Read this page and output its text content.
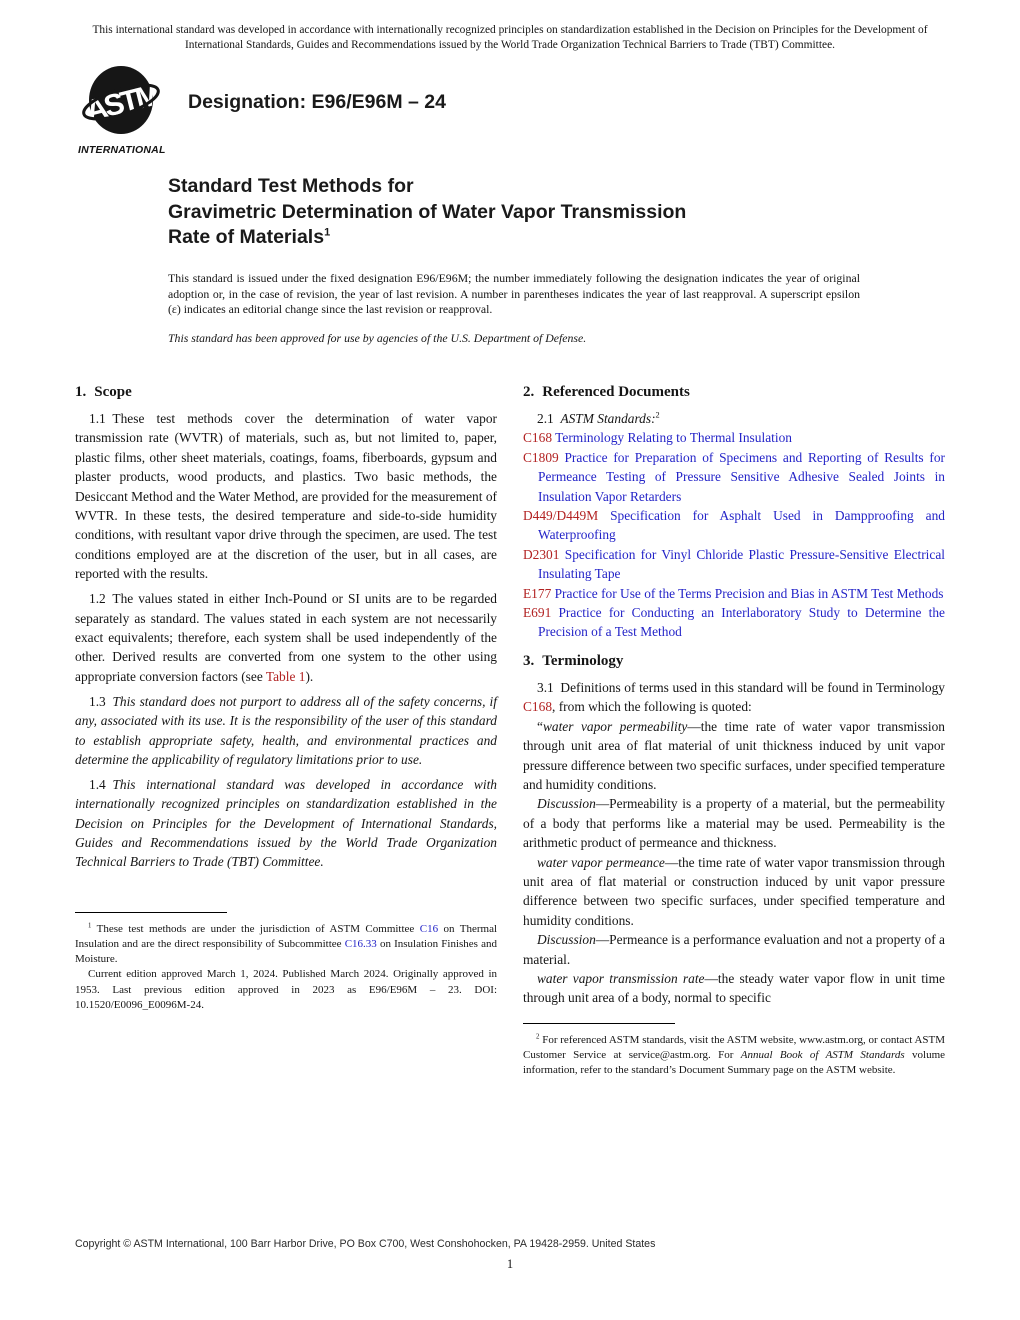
This international standard was developed in accordance with internationally recognized principles on standardization established in the Decision on Principles for the Development of International Standards, Guides and Recommendations issued by the World Trade Organization Technical Barriers to Trade (TBT) Committee.
ASTM
INTERNATIONAL
Designation: E96/E96M – 24
Standard Test Methods for
Gravimetric Determination of Water Vapor Transmission
Rate of Materials$^1$
This standard is issued under the fixed designation E96/E96M; the number immediately following the designation indicates the year of original adoption or, in the case of revision, the year of last revision. A number in parentheses indicates the year of last reapproval. A superscript epsilon (ε) indicates an editorial change since the last revision or reapproval.
This standard has been approved for use by agencies of the U.S. Department of Defense.
1. Scope

1.1 These test methods cover the determination of water vapor transmission rate (WVTR) of materials, such as, but not limited to, paper, plastic films, other sheet materials, coatings, foams, fiberboards, gypsum and plaster products, wood products, and plastics. Two basic methods, the Desiccant Method and the Water Method, are provided for the measurement of WVTR. In these tests, the desired temperature and side-to-side humidity conditions, with resultant vapor drive through the specimen, are used. The test conditions employed are at the discretion of the user, but in all cases, are reported with the results.

1.2 The values stated in either Inch-Pound or SI units are to be regarded separately as standard. The values stated in each system are not necessarily exact equivalents; therefore, each system shall be used independently of the other. Derived results are converted from one system to the other using appropriate conversion factors (see Table 1).

1.3 This standard does not purport to address all of the safety concerns, if any, associated with its use. It is the responsibility of the user of this standard to establish appropriate safety, health, and environmental practices and determine the applicability of regulatory limitations prior to use.

1.4 This international standard was developed in accordance with internationally recognized principles on standardization established in the Decision on Principles for the Development of International Standards, Guides and Recommendations issued by the World Trade Organization Technical Barriers to Trade (TBT) Committee.

$^1$ These test methods are under the jurisdiction of ASTM Committee C16 on Thermal Insulation and are the direct responsibility of Subcommittee C16.33 on Insulation Finishes and Moisture.

Current edition approved March 1, 2024. Published March 2024. Originally approved in 1953. Last previous edition approved in 2023 as E96/E96M – 23. DOI: 10.1520/E0096_E0096M-24.

2. Referenced Documents

2.1 ASTM Standards:$^2$

C168 Terminology Relating to Thermal Insulation

C1809 Practice for Preparation of Specimens and Reporting of Results for Permeance Testing of Pressure Sensitive Adhesive Sealed Joints in Insulation Vapor Retarders

D449/D449M Specification for Asphalt Used in Dampproofing and Waterproofing

D2301 Specification for Vinyl Chloride Plastic Pressure-Sensitive Electrical Insulating Tape

E177 Practice for Use of the Terms Precision and Bias in ASTM Test Methods

E691 Practice for Conducting an Interlaboratory Study to Determine the Precision of a Test Method

3. Terminology

3.1 Definitions of terms used in this standard will be found in Terminology C168, from which the following is quoted:

“water vapor permeability—the time rate of water vapor transmission through unit area of flat material of unit thickness induced by unit vapor pressure difference between two specific surfaces, under specified temperature and humidity conditions.

Discussion—Permeability is a property of a material, but the permeability of a body that performs like a material may be used. Permeability is the arithmetic product of permeance and thickness.

water vapor permeance—the time rate of water vapor transmission through unit area of flat material or construction induced by unit vapor pressure difference between two specific surfaces, under specified temperature and humidity conditions.

Discussion—Permeance is a performance evaluation and not a property of a material.

water vapor transmission rate—the steady water vapor flow in unit time through unit area of a body, normal to specific

$^2$ For referenced ASTM standards, visit the ASTM website, www.astm.org, or contact ASTM Customer Service at service@astm.org. For Annual Book of ASTM Standards volume information, refer to the standard’s Document Summary page on the ASTM website.

Copyright © ASTM International, 100 Barr Harbor Drive, PO Box C700, West Conshohocken, PA 19428-2959. United States
1
